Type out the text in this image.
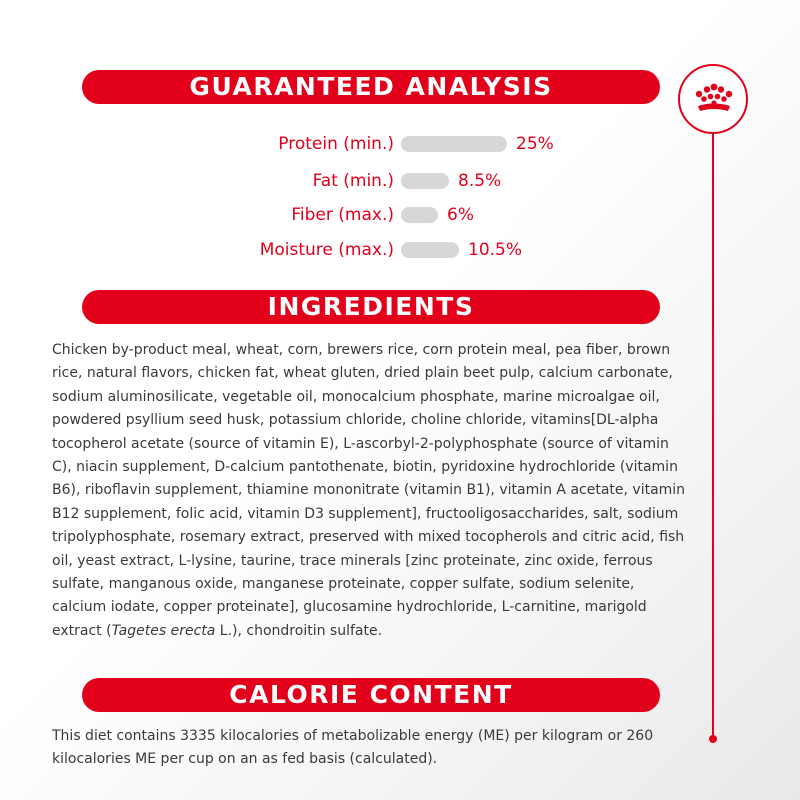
GUARANTEED ANALYSIS
Protein (min.)	25%
Fat (min.)	8.5%
Fiber (max.)	6%
Moisture (max.)	10.5%
INGREDIENTS

Chicken by-product meal, wheat, corn, brewers rice, corn protein meal, pea fiber, brown rice, natural flavors, chicken fat, wheat gluten, dried plain beet pulp, calcium carbonate, sodium aluminosilicate, vegetable oil, monocalcium phosphate, marine microalgae oil, powdered psyllium seed husk, potassium chloride, choline chloride, vitamins[DL-alpha tocopherol acetate (source of vitamin E), L-ascorbyl-2-polyphosphate (source of vitamin C), niacin supplement, D-calcium pantothenate, biotin, pyridoxine hydrochloride (vitamin B6), riboflavin supplement, thiamine mononitrate (vitamin B1), vitamin A acetate, vitamin B12 supplement, folic acid, vitamin D3 supplement], fructooligosaccharides, salt, sodium tripolyphosphate, rosemary extract, preserved with mixed tocopherols and citric acid, fish oil, yeast extract, L-lysine, taurine, trace minerals [zinc proteinate, zinc oxide, ferrous sulfate, manganous oxide, manganese proteinate, copper sulfate, sodium selenite, calcium iodate, copper proteinate], glucosamine hydrochloride, L-carnitine, marigold extract (Tagetes erecta L.), chondroitin sulfate.

CALORIE CONTENT

This diet contains 3335 kilocalories of metabolizable energy (ME) per kilogram or 260 kilocalories ME per cup on an as fed basis (calculated).
